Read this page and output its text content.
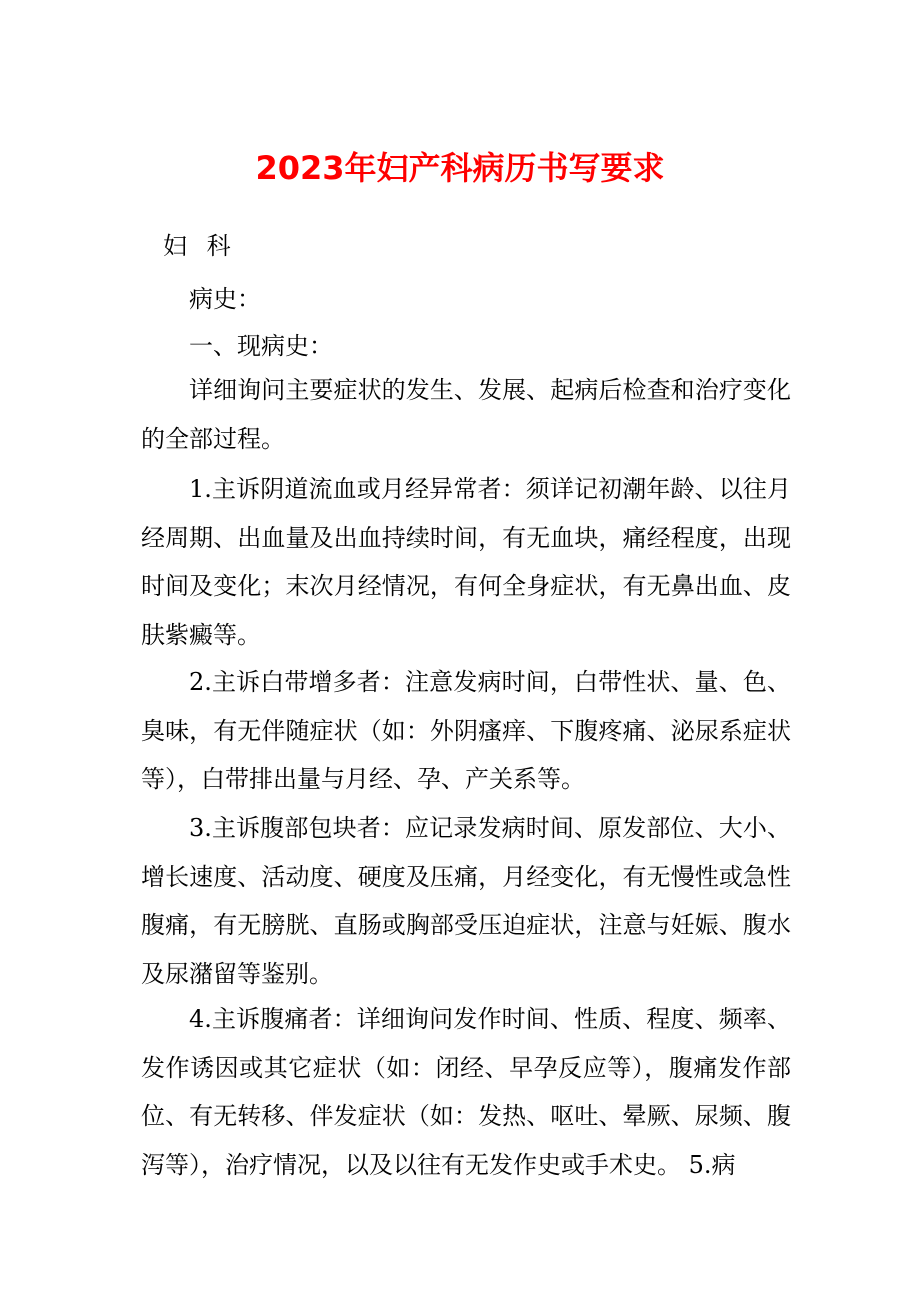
2023年妇产科病历书写要求
妇 科
病史：
一、现病史：
详细询问主要症状的发生、发展、起病后检查和治疗变化的全部过程。
1.主诉阴道流血或月经异常者：须详记初潮年龄、以往月经周期、出血量及出血持续时间，有无血块，痛经程度，出现时间及变化；末次月经情况，有何全身症状，有无鼻出血、皮肤紫癜等。
2.主诉白带增多者：注意发病时间，白带性状、量、色、臭味，有无伴随症状（如：外阴瘙痒、下腹疼痛、泌尿系症状等），白带排出量与月经、孕、产关系等。
3.主诉腹部包块者：应记录发病时间、原发部位、大小、增长速度、活动度、硬度及压痛，月经变化，有无慢性或急性腹痛，有无膀胱、直肠或胸部受压迫症状，注意与妊娠、腹水及尿潴留等鉴别。
4.主诉腹痛者：详细询问发作时间、性质、程度、频率、发作诱因或其它症状（如：闭经、早孕反应等），腹痛发作部位、有无转移、伴发症状（如：发热、呕吐、晕厥、尿频、腹泻等），治疗情况，以及以往有无发作史或手术史。 5.病
